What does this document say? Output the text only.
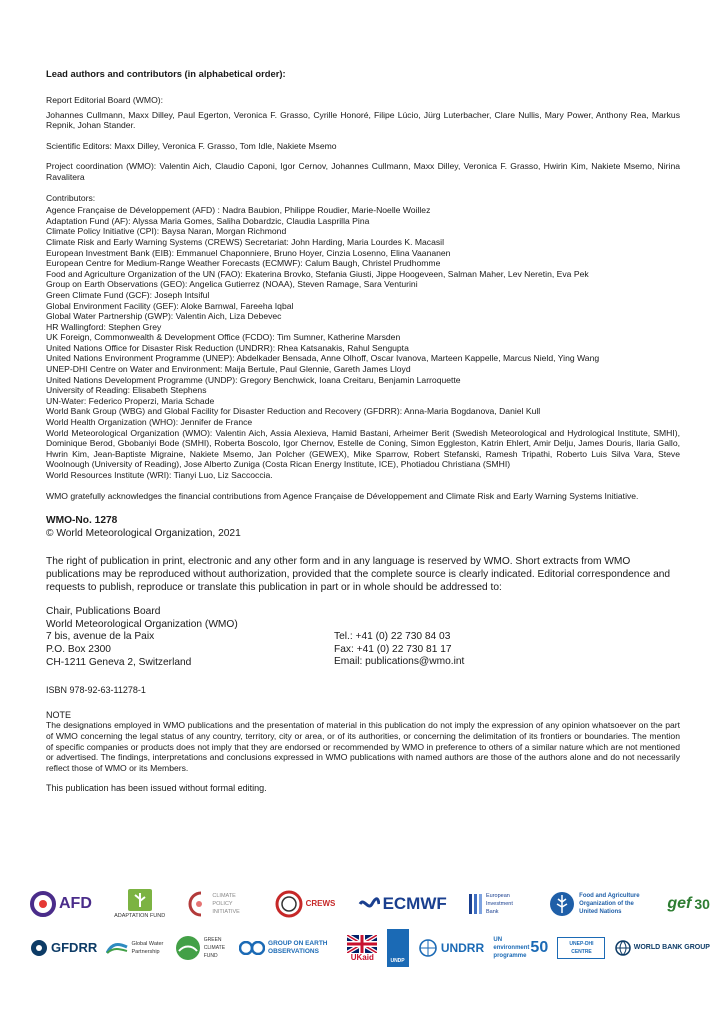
Lead authors and contributors (in alphabetical order):
Report Editorial Board (WMO):
Johannes Cullmann, Maxx Dilley, Paul Egerton, Veronica F. Grasso, Cyrille Honoré, Filipe Lúcio, Jürg Luterbacher, Clare Nullis, Mary Power, Anthony Rea, Markus Repnik, Johan Stander.
Scientific Editors: Maxx Dilley, Veronica F. Grasso, Tom Idle, Nakiete Msemo
Project coordination (WMO): Valentin Aich, Claudio Caponi, Igor Cernov, Johannes Cullmann, Maxx Dilley, Veronica F. Grasso, Hwirin Kim, Nakiete Msemo, Nirina Ravalitera
Contributors:
Agence Française de Développement (AFD) : Nadra Baubion, Philippe Roudier, Marie-Noelle Woillez
Adaptation Fund (AF): Alyssa Maria Gomes, Saliha Dobardzic, Claudia Lasprilla Pina
Climate Policy Initiative (CPI): Baysa Naran, Morgan Richmond
Climate Risk and Early Warning Systems (CREWS) Secretariat: John Harding, Maria Lourdes K. Macasil
European Investment Bank (EIB): Emmanuel Chaponniere, Bruno Hoyer, Cinzia Losenno, Elina Vaananen
European Centre for Medium-Range Weather Forecasts (ECMWF): Calum Baugh, Christel Prudhomme
Food and Agriculture Organization of the UN (FAO): Ekaterina Brovko, Stefania Giusti, Jippe Hoogeveen, Salman Maher, Lev Neretin, Eva Pek
Group on Earth Observations (GEO): Angelica Gutierrez (NOAA), Steven Ramage, Sara Venturini
Green Climate Fund (GCF): Joseph Intsiful
Global Environment Facility (GEF): Aloke Barnwal, Fareeha Iqbal
Global Water Partnership (GWP): Valentin Aich, Liza Debevec
HR Wallingford: Stephen Grey
UK Foreign, Commonwealth & Development Office (FCDO): Tim Sumner, Katherine Marsden
United Nations Office for Disaster Risk Reduction (UNDRR): Rhea Katsanakis, Rahul Sengupta
United Nations Environment Programme (UNEP): Abdelkader Bensada, Anne Olhoff, Oscar Ivanova, Marteen Kappelle, Marcus Nield, Ying Wang
UNEP-DHI Centre on Water and Environment: Maija Bertule, Paul Glennie, Gareth James Lloyd
United Nations Development Programme (UNDP): Gregory Benchwick, Ioana Creitaru, Benjamin Larroquette
University of Reading: Elisabeth Stephens
UN-Water: Federico Properzi, Maria Schade
World Bank Group (WBG) and Global Facility for Disaster Reduction and Recovery (GFDRR): Anna-Maria Bogdanova, Daniel Kull
World Health Organization (WHO): Jennifer de France
World Meteorological Organization (WMO): Valentin Aich, Assia Alexieva, Hamid Bastani, Arheimer Berit (Swedish Meteorological and Hydrological Institute, SMHI), Dominique Berod, Gbobaniyi Bode (SMHI), Roberta Boscolo, Igor Chernov, Estelle de Coning, Simon Eggleston, Katrin Ehlert, Amir Delju, James Douris, Ilaria Gallo, Hwrin Kim, Jean-Baptiste Migraine, Nakiete Msemo, Jan Polcher (GEWEX), Mike Sparrow, Robert Stefanski, Ramesh Tripathi, Roberto Luis Silva Vara, Steve Woolnough (University of Reading), Jose Alberto Zuniga (Costa Rican Energy Institute, ICE), Photiadou Christiana (SMHI)
World Resources Institute (WRI): Tianyi Luo, Liz Saccoccia.
WMO gratefully acknowledges the financial contributions from Agence Française de Développement and Climate Risk and Early Warning Systems Initiative.
WMO-No. 1278
© World Meteorological Organization, 2021
The right of publication in print, electronic and any other form and in any language is reserved by WMO. Short extracts from WMO publications may be reproduced without authorization, provided that the complete source is clearly indicated. Editorial correspondence and requests to publish, reproduce or translate this publication in part or in whole should be addressed to:
Chair, Publications Board
World Meteorological Organization (WMO)
7 bis, avenue de la Paix
P.O. Box 2300
CH-1211 Geneva 2, Switzerland
Tel.: +41 (0) 22 730 84 03
Fax: +41 (0) 22 730 81 17
Email: publications@wmo.int
ISBN 978-92-63-11278-1
NOTE
The designations employed in WMO publications and the presentation of material in this publication do not imply the expression of any opinion whatsoever on the part of WMO concerning the legal status of any country, territory, city or area, or of its authorities, or concerning the delimitation of its frontiers or boundaries. The mention of specific companies or products does not imply that they are endorsed or recommended by WMO in preference to others of a similar nature which are not mentioned or advertised. The findings, interpretations and conclusions expressed in WMO publications with named authors are those of the authors alone and do not necessarily reflect those of WMO or its Members.
This publication has been issued without formal editing.
AFD
ADAPTATION FUND
CLIMATE POLICY INITIATIVE
CREWS	ECMWF	European Investment Bank
Food and Agriculture Organization of the United Nations	gef 30
GFDRR	Global Water Partnership
GREEN CLIMATE FUND
GROUP ON EARTH OBSERVATIONS
UKaid	UNDP
UNDRR
UN environment programme 50	UNEP-DHI CENTRE
WORLD BANK GROUP
